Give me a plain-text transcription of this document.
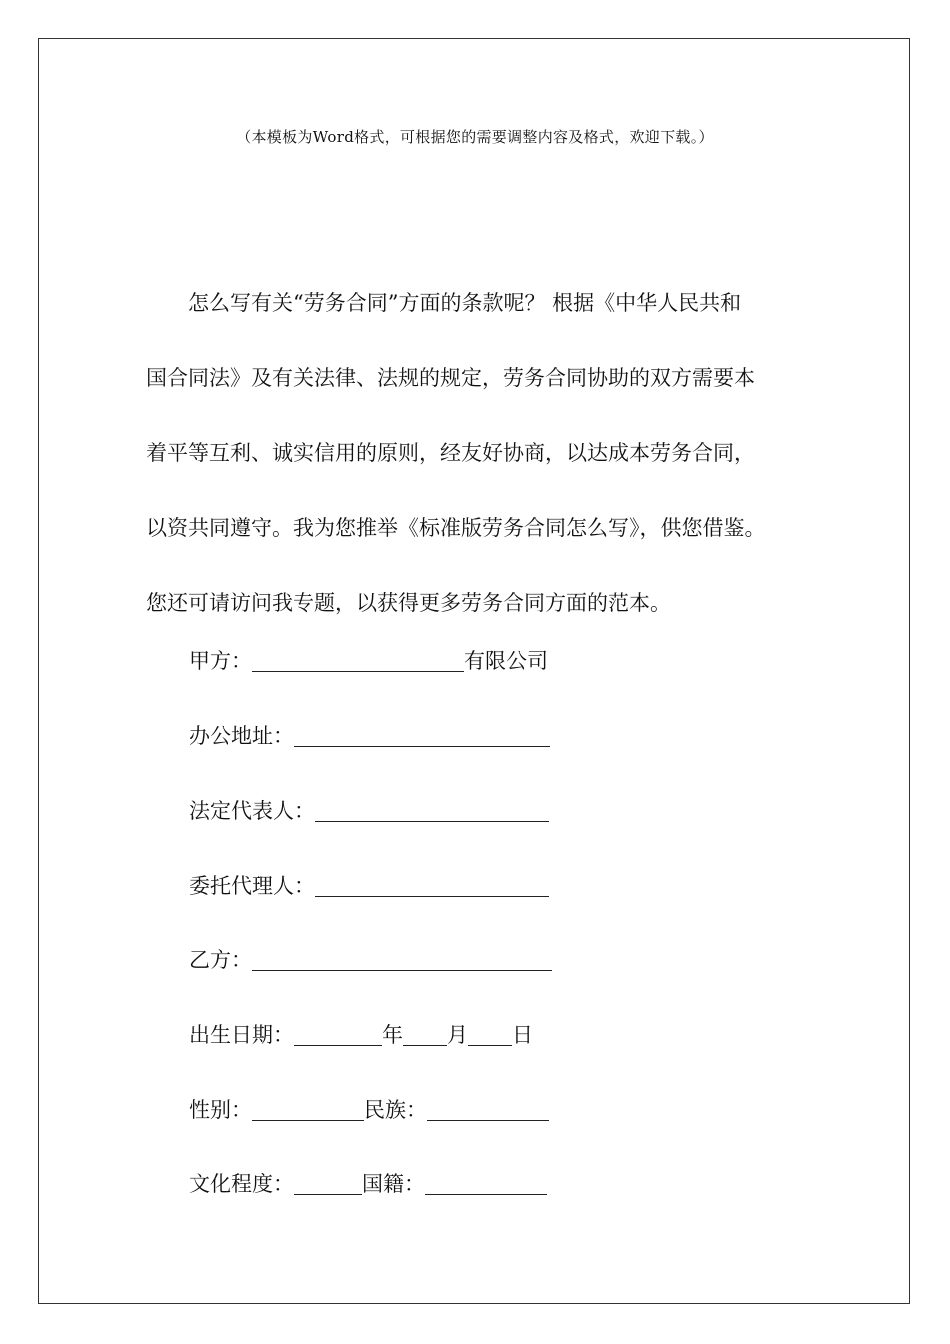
（本模板为Word格式，可根据您的需要调整内容及格式，欢迎下载。）

怎么写有关“劳务合同”方面的条款呢？ 根据《中华人民共和

国合同法》及有关法律、法规的规定，劳务合同协助的双方需要本

着平等互利、诚实信用的原则，经友好协商，以达成本劳务合同，

以资共同遵守。我为您推举《标准版劳务合同怎么写》，供您借鉴。

您还可请访问我专题，以获得更多劳务合同方面的范本。

甲方：	有限公司
办公地址：
法定代表人：
委托代理人：
乙方：
出生日期：	年 月 日
性别：	民族：
文化程度：	国籍：
